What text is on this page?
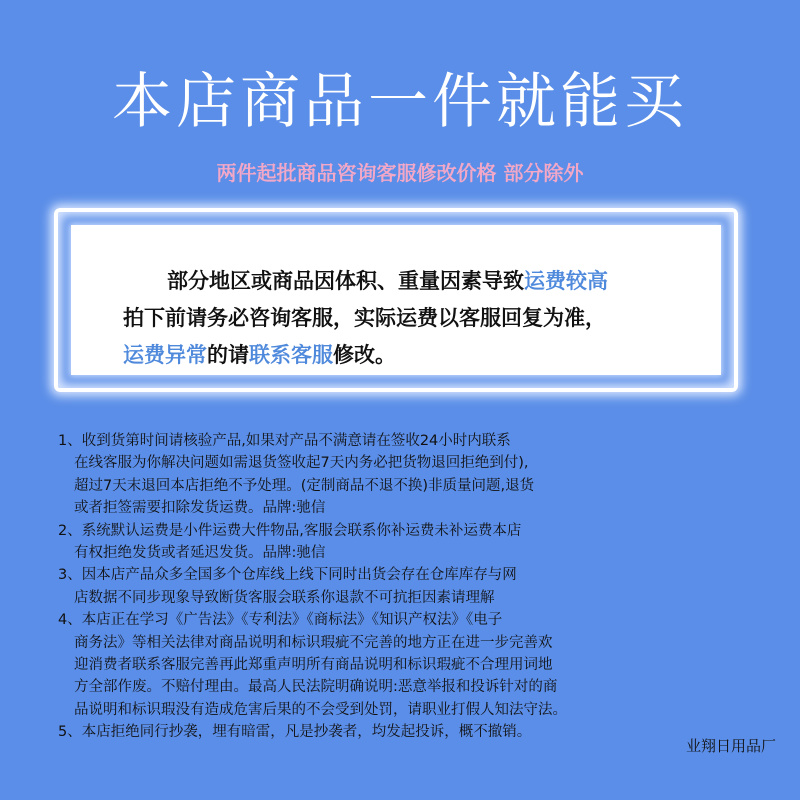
本店商品一件就能买
两件起批商品咨询客服修改价格 部分除外
部分地区或商品因体积、重量因素导致运费较高
拍下前请务必咨询客服，实际运费以客服回复为准，
运费异常的请联系客服修改。
1、收到货第时间请核验产品,如果对产品不满意请在签收24小时内联系
在线客服为你解决问题如需退货签收起7天内务必把货物退回拒绝到付),
超过7天末退回本店拒绝不予处理。(定制商品不退不换)非质量问题,退货
或者拒签需要扣除发货运费。品牌:驰信
2、系统默认运费是小件运费大件物品,客服会联系你补运费未补运费本店
有权拒绝发货或者延迟发货。品牌:驰信
3、因本店产品众多全国多个仓库线上线下同时出货会存在仓库库存与网
店数据不同步现象导致断货客服会联系你退款不可抗拒因素请理解
4、本店正在学习《广告法》《专利法》《商标法》《知识产权法》《电子
商务法》等相关法律对商品说明和标识瑕疵不完善的地方正在进一步完善欢
迎消费者联系客服完善再此郑重声明所有商品说明和标识瑕疵不合理用词地
方全部作废。不赔付理由。最高人民法院明确说明:恶意举报和投诉针对的商
品说明和标识瑕没有造成危害后果的不会受到处罚，请职业打假人知法守法。
5、本店拒绝同行抄袭，埋有暗雷，凡是抄袭者，均发起投诉，概不撤销。
业翔日用品厂
